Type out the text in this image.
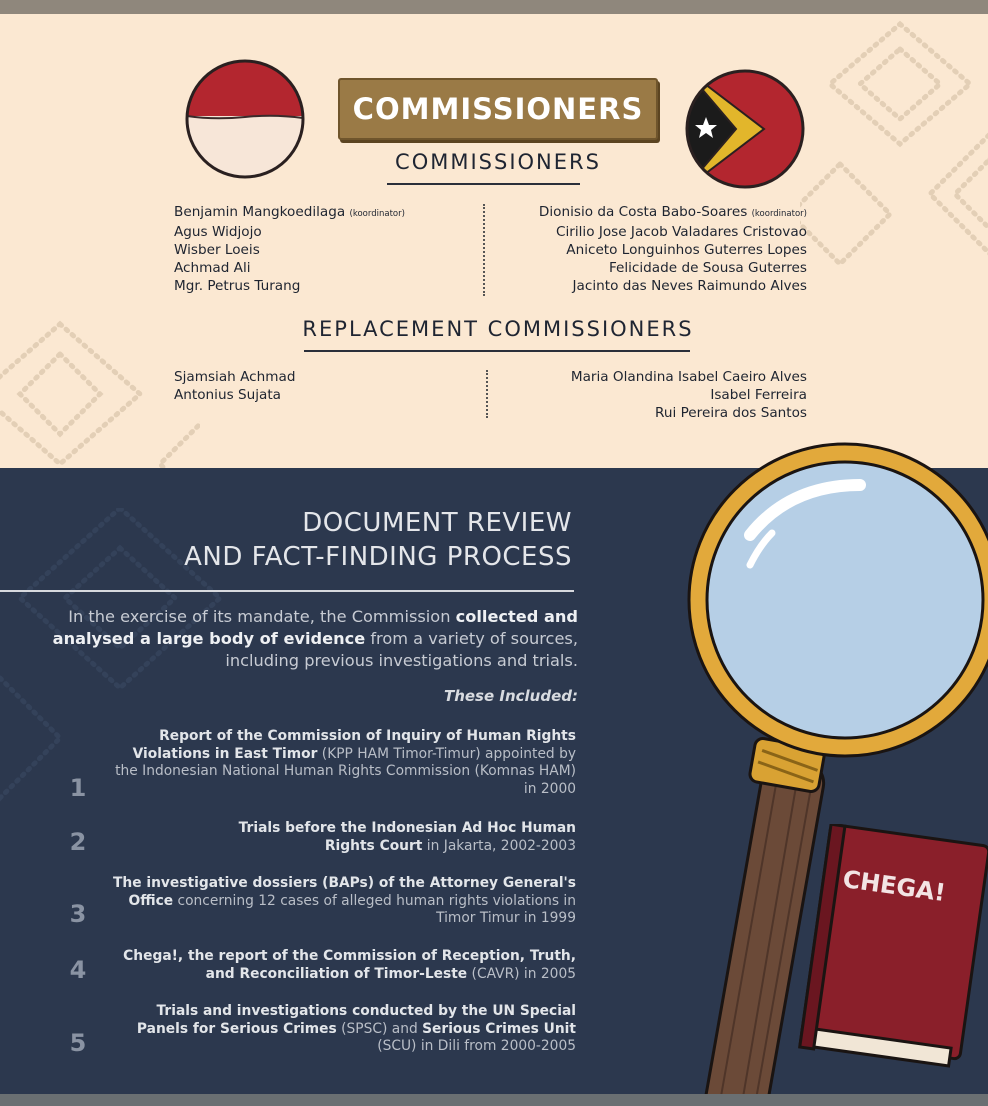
COMMISSIONERS
COMMISSIONERS
Benjamin Mangkoedilaga (koordinator)
Agus Widjojo
Wisber Loeis
Achmad Ali
Mgr. Petrus Turang
Dionisio da Costa Babo-Soares (koordinator)
Cirilio Jose Jacob Valadares Cristovao
Aniceto Longuinhos Guterres Lopes
Felicidade de Sousa Guterres
Jacinto das Neves Raimundo Alves
REPLACEMENT COMMISSIONERS
Sjamsiah Achmad
Antonius Sujata
Maria Olandina Isabel Caeiro Alves
Isabel Ferreira
Rui Pereira dos Santos
DOCUMENT REVIEW
AND FACT-FINDING PROCESS
In the exercise of its mandate, the Commission collected and analysed a large body of evidence from a variety of sources, including previous investigations and trials.
These Included:
1
Report of the Commission of Inquiry of Human Rights Violations in East Timor (KPP HAM Timor-Timur) appointed by the Indonesian National Human Rights Commission (Komnas HAM) in 2000
2	Trials before the Indonesian Ad Hoc Human Rights Court in Jakarta, 2002-2003
3
The investigative dossiers (BAPs) of the Attorney General's Office concerning 12 cases of alleged human rights violations in Timor Timur in 1999
4	Chega!, the report of the Commission of Reception, Truth, and Reconciliation of Timor-Leste (CAVR) in 2005
5
Trials and investigations conducted by the UN Special Panels for Serious Crimes (SPSC) and Serious Crimes Unit (SCU) in Dili from 2000-2005
CHEGA!
